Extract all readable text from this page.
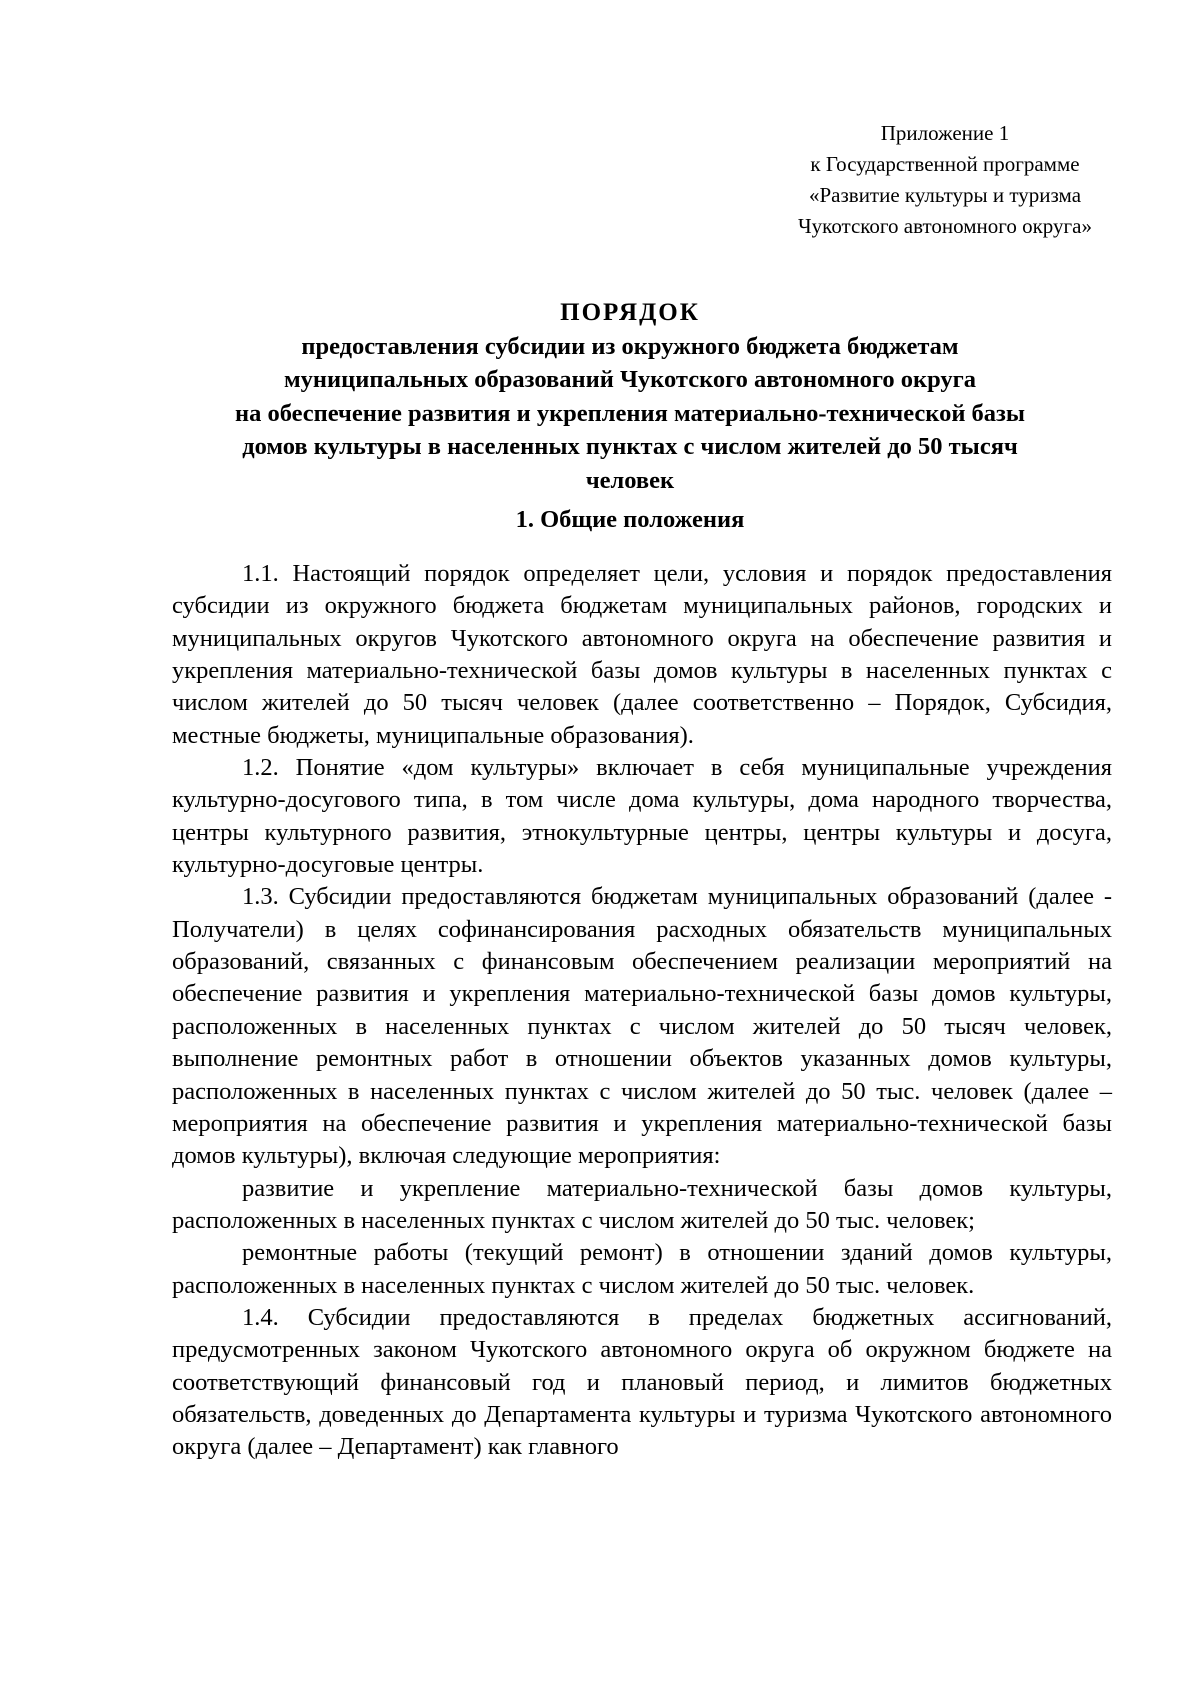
Приложение 1
к Государственной программе
«Развитие культуры и туризма
Чукотского автономного округа»
ПОРЯДОК
предоставления субсидии из окружного бюджета бюджетам
муниципальных образований Чукотского автономного округа
на обеспечение развития и укрепления материально-технической базы
домов культуры в населенных пунктах с числом жителей до 50 тысяч
человек
1. Общие положения

1.1. Настоящий порядок определяет цели, условия и порядок предоставления субсидии из окружного бюджета бюджетам муниципальных районов, городских и муниципальных округов Чукотского автономного округа на обеспечение развития и укрепления материально-технической базы домов культуры в населенных пунктах с числом жителей до 50 тысяч человек (далее соответственно – Порядок, Субсидия, местные бюджеты, муниципальные образования).

1.2. Понятие «дом культуры» включает в себя муниципальные учреждения культурно-досугового типа, в том числе дома культуры, дома народного творчества, центры культурного развития, этнокультурные центры, центры культуры и досуга, культурно-досуговые центры.

1.3. Субсидии предоставляются бюджетам муниципальных образований (далее - Получатели) в целях софинансирования расходных обязательств муниципальных образований, связанных с финансовым обеспечением реализации мероприятий на обеспечение развития и укрепления материально-технической базы домов культуры, расположенных в населенных пунктах с числом жителей до 50 тысяч человек, выполнение ремонтных работ в отношении объектов указанных домов культуры, расположенных в населенных пунктах с числом жителей до 50 тыс. человек (далее – мероприятия на обеспечение развития и укрепления материально-технической базы домов культуры), включая следующие мероприятия:

развитие и укрепление материально-технической базы домов культуры, расположенных в населенных пунктах с числом жителей до 50 тыс. человек;

ремонтные работы (текущий ремонт) в отношении зданий домов культуры, расположенных в населенных пунктах с числом жителей до 50 тыс. человек.

1.4. Субсидии предоставляются в пределах бюджетных ассигнований, предусмотренных законом Чукотского автономного округа об окружном бюджете на соответствующий финансовый год и плановый период, и лимитов бюджетных обязательств, доведенных до Департамента культуры и туризма Чукотского автономного округа (далее – Департамент) как главного
